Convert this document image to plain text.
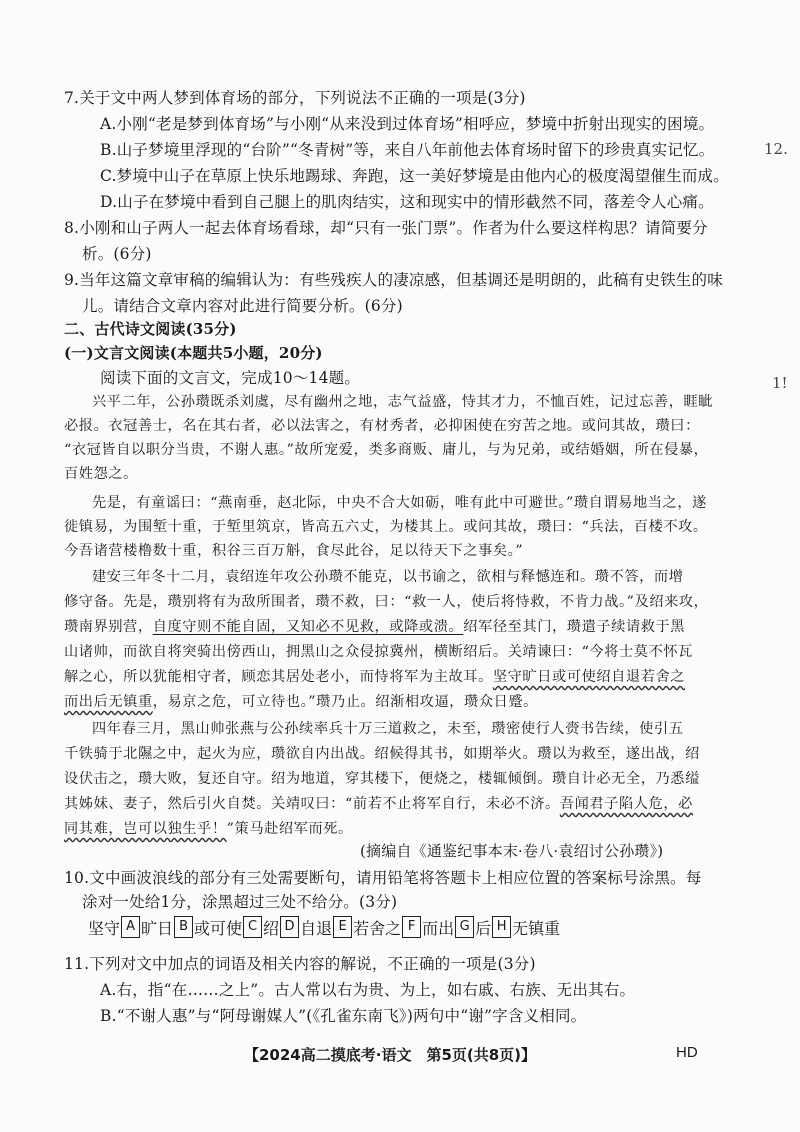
7.关于文中两人梦到体育场的部分，下列说法不正确的一项是(3分)
A.小刚“老是梦到体育场”与小刚“从来没到过体育场”相呼应，梦境中折射出现实的困境。
B.山子梦境里浮现的“台阶”“冬青树”等，来自八年前他去体育场时留下的珍贵真实记忆。
C.梦境中山子在草原上快乐地踢球、奔跑，这一美好梦境是由他内心的极度渴望催生而成。
D.山子在梦境中看到自己腿上的肌肉结实，这和现实中的情形截然不同，落差令人心痛。
8.小刚和山子两人一起去体育场看球，却“只有一张门票”。作者为什么要这样构思？请简要分
析。(6分)
9.当年这篇文章审稿的编辑认为：有些残疾人的凄凉感，但基调还是明朗的，此稿有史铁生的味
儿。请结合文章内容对此进行简要分析。(6分)
二、古代诗文阅读(35分)
(一)文言文阅读(本题共5小题，20分)
阅读下面的文言文，完成10～14题。
兴平二年，公孙瓒既杀刘虞，尽有幽州之地，志气益盛，恃其才力，不恤百姓，记过忘善，睚眦
必报。衣冠善士，名在其右者，必以法害之，有材秀者，必抑困使在穷苦之地。或问其故，瓒曰：
“衣冠皆自以职分当贵，不谢人惠。”故所宠爱，类多商贩、庸儿，与为兄弟，或结婚姻，所在侵暴，
百姓怨之。
先是，有童谣曰：“燕南垂，赵北际，中央不合大如砺，唯有此中可避世。”瓒自谓易地当之，遂
徙镇易，为围堑十重，于堑里筑京，皆高五六丈，为楼其上。或问其故，瓒曰：“兵法，百楼不攻。
今吾诸营楼橹数十重，积谷三百万斛，食尽此谷，足以待天下之事矣。”
建安三年冬十二月，袁绍连年攻公孙瓒不能克，以书谕之，欲相与释憾连和。瓒不答，而增
修守备。先是，瓒别将有为敌所围者，瓒不救，曰：“救一人，使后将恃救，不肯力战。”及绍来攻，
瓒南界别营，自度守则不能自固，又知必不见救，或降或溃。绍军径至其门，瓒遣子续请救于黑
山诸帅，而欲自将突骑出傍西山，拥黑山之众侵掠冀州，横断绍后。关靖谏曰：“今将士莫不怀瓦
解之心，所以犹能相守者，顾恋其居处老小，而恃将军为主故耳。坚守旷日或可使绍自退若舍之
而出后无镇重，易京之危，可立待也。”瓒乃止。绍渐相攻逼，瓒众日蹙。
四年春三月，黑山帅张燕与公孙续率兵十万三道救之，未至，瓒密使行人赍书告续，使引五
千铁骑于北隰之中，起火为应，瓒欲自内出战。绍候得其书，如期举火。瓒以为救至，遂出战，绍
设伏击之，瓒大败，复还自守。绍为地道，穿其楼下，便烧之，楼辄倾倒。瓒自计必无全，乃悉缢
其姊妹、妻子，然后引火自焚。关靖叹曰：“前若不止将军自行，未必不济。吾闻君子陷人危，必
同其难，岂可以独生乎！”策马赴绍军而死。
(摘编自《通鉴纪事本末·卷八·袁绍讨公孙瓒》)
10.文中画波浪线的部分有三处需要断句，请用铅笔将答题卡上相应位置的答案标号涂黑。每
涂对一处给1分，涂黑超过三处不给分。(3分)
坚守 A 旷日 B 或可使 C 绍 D 自退 E 若舍之 F 而出 G 后 H 无镇重
11.下列对文中加点的词语及相关内容的解说，不正确的一项是(3分)
A.右，指“在……之上”。古人常以右为贵、为上，如右戚、右族、无出其右。
B.“不谢人惠”与“阿母谢媒人”(《孔雀东南飞》)两句中“谢”字含义相同。
12.
1!
【2024高二摸底考·语文　第5页(共8页)】	HD
